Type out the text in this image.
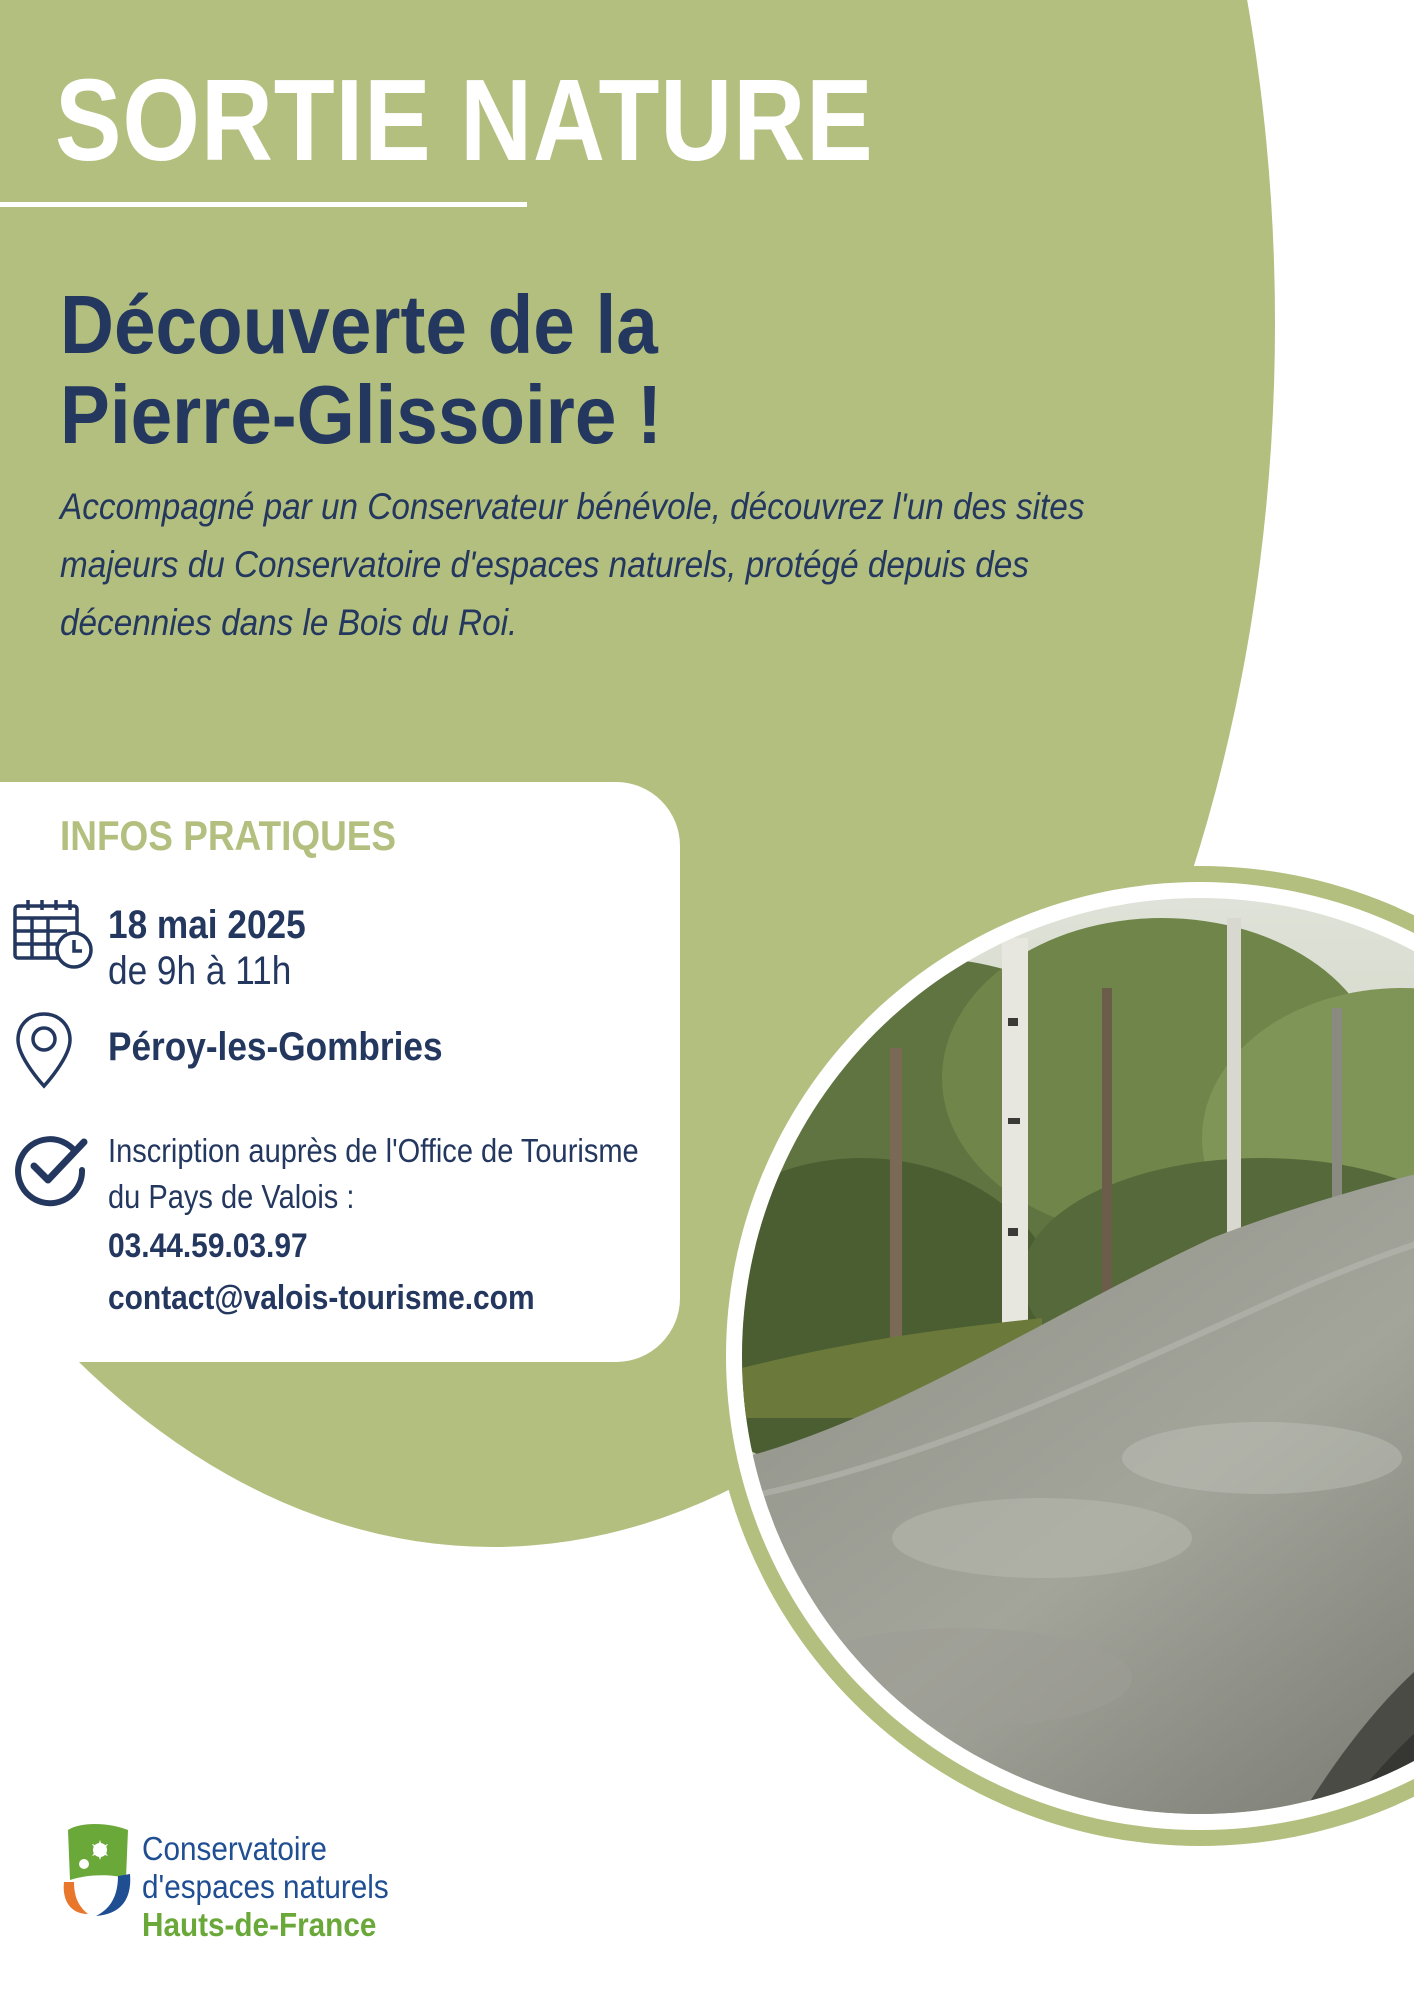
SORTIE NATURE
Découverte de la
Pierre-Glissoire !

Accompagné par un Conservateur bénévole, découvrez l'un des sites majeurs du Conservatoire d'espaces naturels, protégé depuis des décennies dans le Bois du Roi.

INFOS PRATIQUES
18 mai 2025
de 9h à 11h
Péroy-les-Gombries
Inscription auprès de l'Office de Tourisme
du Pays de Valois :
03.44.59.03.97
contact@valois-tourisme.com
Conservatoire
d'espaces naturels
Hauts-de-France
